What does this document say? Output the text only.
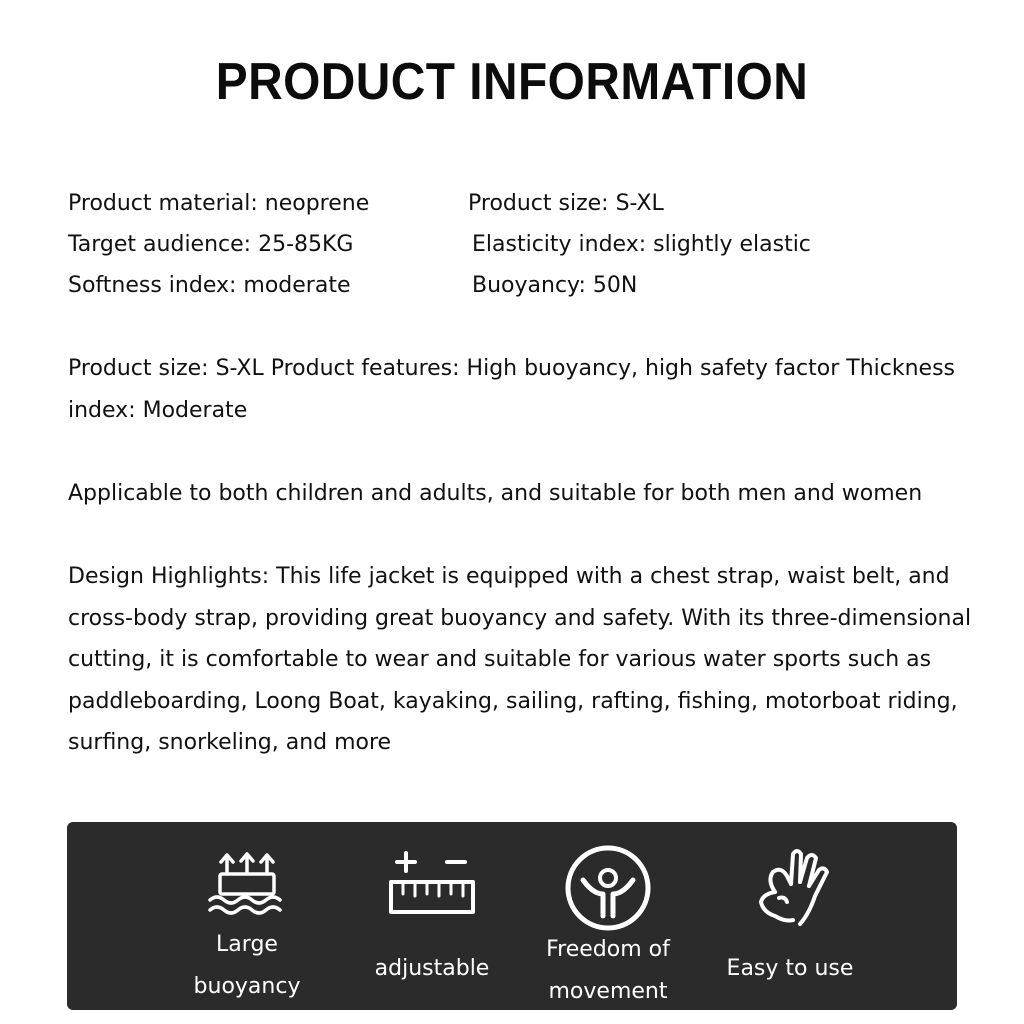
PRODUCT INFORMATION
Product material: neoprene
Target audience: 25-85KG
Softness index: moderate
Product size: S-XL
Elasticity index: slightly elastic
Buoyancy: 50N
Product size: S-XL Product features: High buoyancy, high safety factor Thickness index: Moderate
Applicable to both children and adults, and suitable for both men and women
Design Highlights: This life jacket is equipped with a chest strap, waist belt, and cross-body strap, providing great buoyancy and safety. With its three-dimensional cutting, it is comfortable to wear and suitable for various water sports such as paddleboarding, Loong Boat, kayaking, sailing, rafting, fishing, motorboat riding, surfing, snorkeling, and more
Large
buoyancy
adjustable
Freedom of
movement
Easy to use
